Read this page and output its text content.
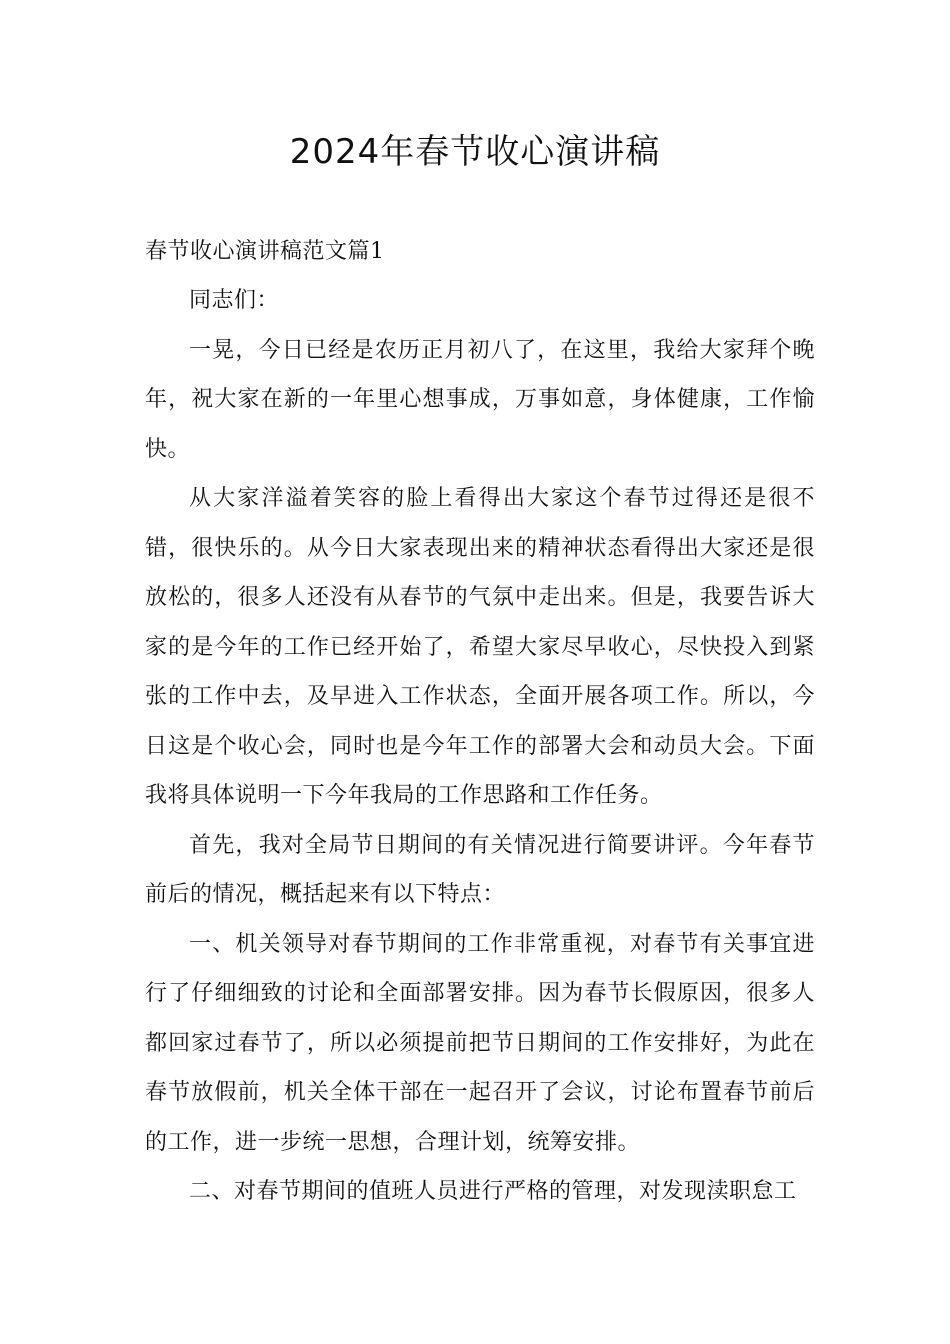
2024年春节收心演讲稿
春节收心演讲稿范文篇1

同志们：

一晃，今日已经是农历正月初八了，在这里，我给大家拜个晚年，祝大家在新的一年里心想事成，万事如意，身体健康，工作愉快。

从大家洋溢着笑容的脸上看得出大家这个春节过得还是很不错，很快乐的。从今日大家表现出来的精神状态看得出大家还是很放松的，很多人还没有从春节的气氛中走出来。但是，我要告诉大家的是今年的工作已经开始了，希望大家尽早收心，尽快投入到紧张的工作中去，及早进入工作状态，全面开展各项工作。所以，今日这是个收心会，同时也是今年工作的部署大会和动员大会。下面我将具体说明一下今年我局的工作思路和工作任务。

首先，我对全局节日期间的有关情况进行简要讲评。今年春节前后的情况，概括起来有以下特点：

一、机关领导对春节期间的工作非常重视，对春节有关事宜进行了仔细细致的讨论和全面部署安排。因为春节长假原因，很多人都回家过春节了，所以必须提前把节日期间的工作安排好，为此在春节放假前，机关全体干部在一起召开了会议，讨论布置春节前后的工作，进一步统一思想，合理计划，统筹安排。

二、对春节期间的值班人员进行严格的管理，对发现渎职怠工
